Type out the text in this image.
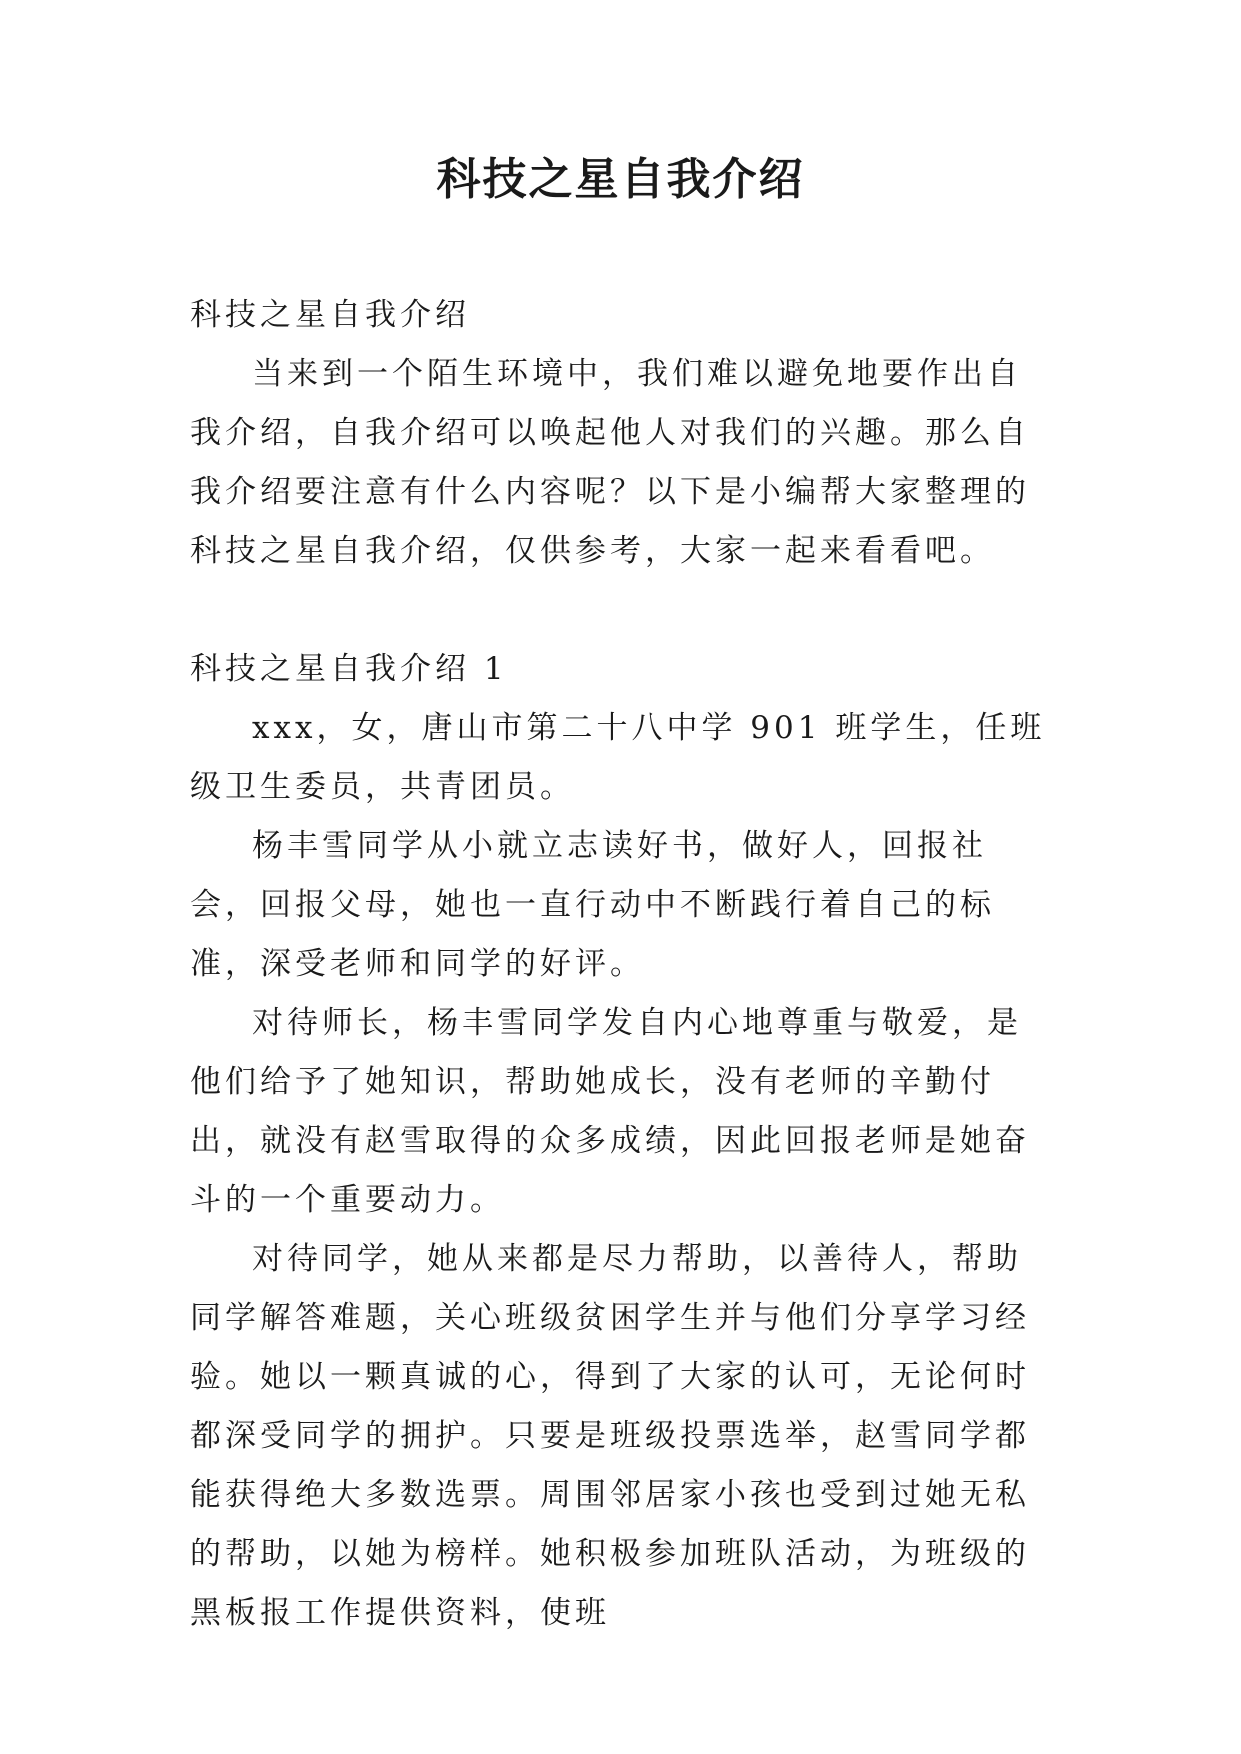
科技之星自我介绍

科技之星自我介绍

当来到一个陌生环境中，我们难以避免地要作出自我介绍，自我介绍可以唤起他人对我们的兴趣。那么自我介绍要注意有什么内容呢？以下是小编帮大家整理的科技之星自我介绍，仅供参考，大家一起来看看吧。

科技之星自我介绍 1

xxx，女，唐山市第二十八中学 901 班学生，任班级卫生委员，共青团员。

杨丰雪同学从小就立志读好书，做好人，回报社会，回报父母，她也一直行动中不断践行着自己的标准，深受老师和同学的好评。

对待师长，杨丰雪同学发自内心地尊重与敬爱，是他们给予了她知识，帮助她成长，没有老师的辛勤付出，就没有赵雪取得的众多成绩，因此回报老师是她奋斗的一个重要动力。

对待同学，她从来都是尽力帮助，以善待人，帮助同学解答难题，关心班级贫困学生并与他们分享学习经验。她以一颗真诚的心，得到了大家的认可，无论何时都深受同学的拥护。只要是班级投票选举，赵雪同学都能获得绝大多数选票。周围邻居家小孩也受到过她无私的帮助，以她为榜样。她积极参加班队活动，为班级的黑板报工作提供资料，使班
